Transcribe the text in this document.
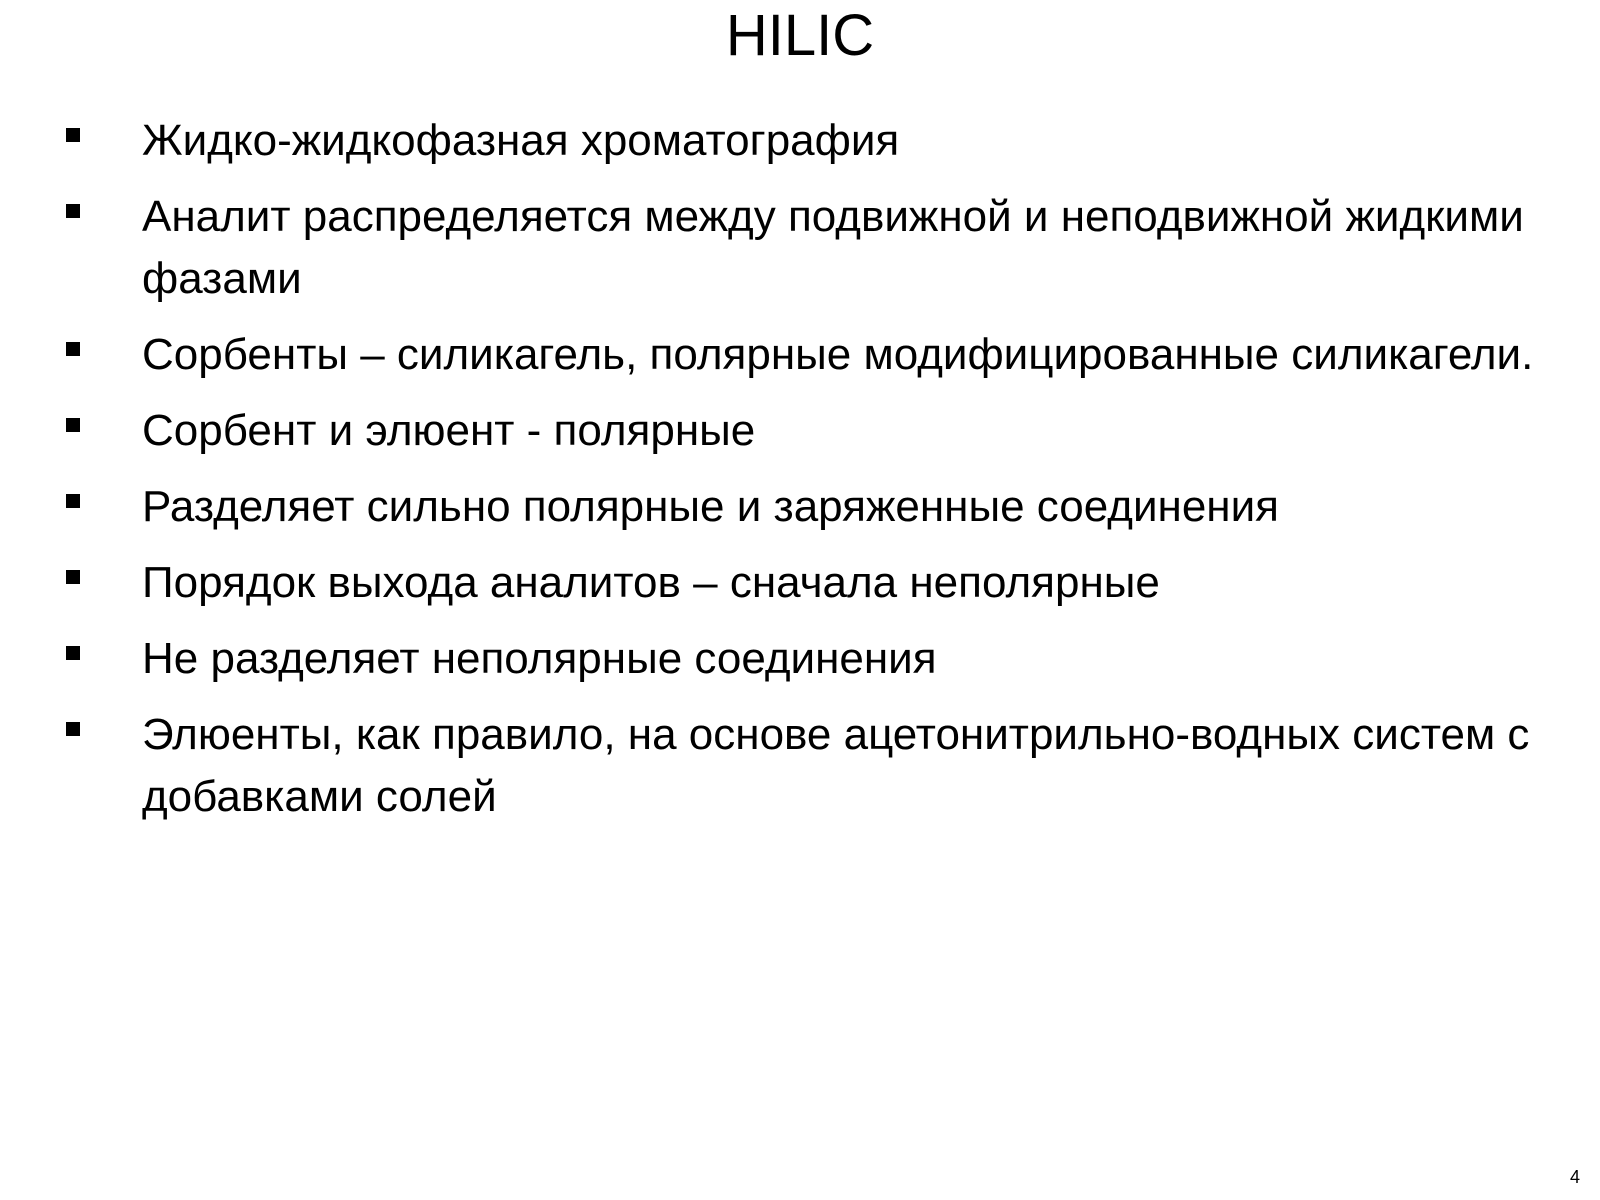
HILIC
Жидко-жидкофазная хроматография
Аналит распределяется между подвижной и неподвижной жидкими фазами
Сорбенты – силикагель, полярные модифицированные силикагели.
Сорбент и элюент - полярные
Разделяет сильно полярные и заряженные соединения
Порядок выхода аналитов – сначала неполярные
Не разделяет неполярные соединения
Элюенты, как правило, на основе ацетонитрильно-водных систем с добавками солей
4
